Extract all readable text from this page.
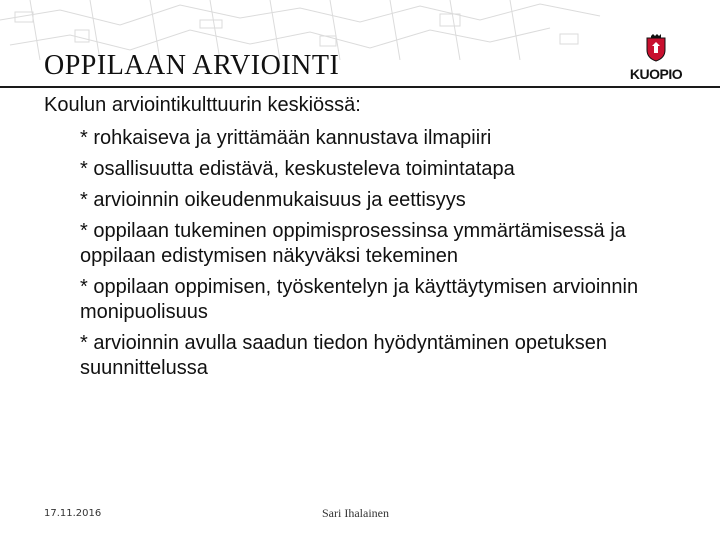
OPPILAAN ARVIOINTI	KUOPIO
Koulun arviointikulttuurin keskiössä:
* rohkaiseva ja yrittämään kannustava ilmapiiri
* osallisuutta edistävä, keskusteleva toimintatapa
* arvioinnin oikeudenmukaisuus ja eettisyys
* oppilaan tukeminen oppimisprosessinsa ymmärtämisessä ja oppilaan edistymisen näkyväksi tekeminen
* oppilaan oppimisen, työskentelyn ja käyttäytymisen arvioinnin monipuolisuus
* arvioinnin avulla saadun tiedon hyödyntäminen opetuksen suunnittelussa
17.11.2016	Sari Ihalainen
